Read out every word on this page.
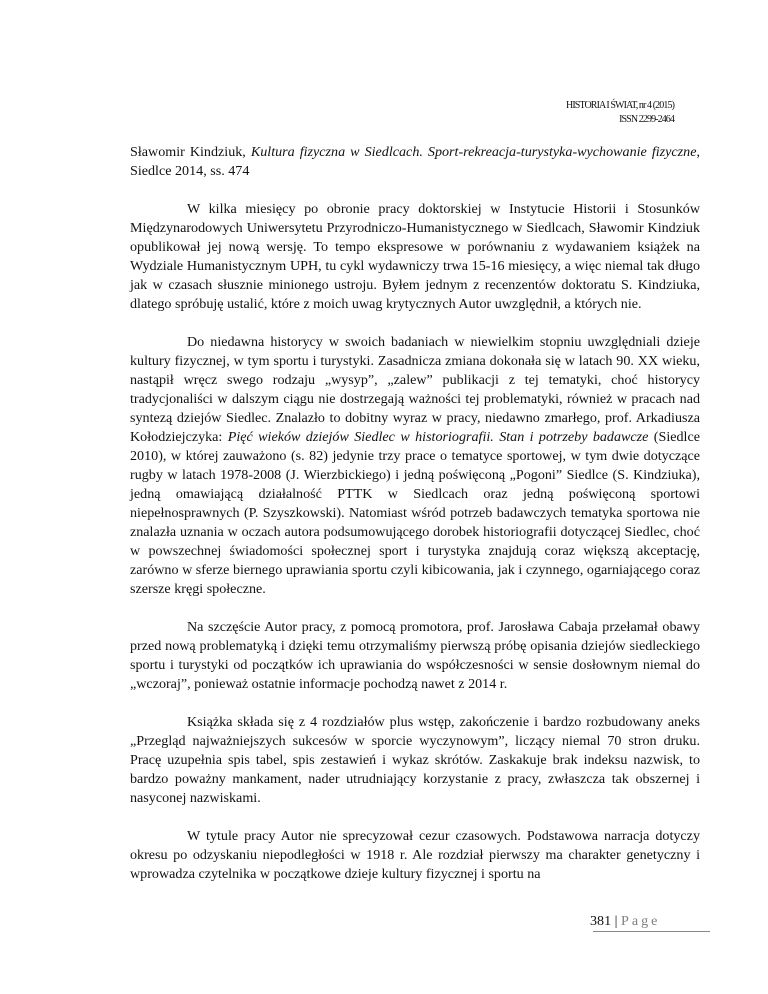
HISTORIA I ŚWIAT, nr 4 (2015)
ISSN 2299-2464

Sławomir Kindziuk, Kultura fizyczna w Siedlcach. Sport-rekreacja-turystyka-wychowanie fizyczne, Siedlce 2014, ss. 474

W kilka miesięcy po obronie pracy doktorskiej w Instytucie Historii i Stosunków Międzynarodowych Uniwersytetu Przyrodniczo-Humanistycznego w Siedlcach, Sławomir Kindziuk opublikował jej nową wersję. To tempo ekspresowe w porównaniu z wydawaniem książek na Wydziale Humanistycznym UPH, tu cykl wydawniczy trwa 15-16 miesięcy, a więc niemal tak długo jak w czasach słusznie minionego ustroju. Byłem jednym z recenzentów doktoratu S. Kindziuka, dlatego spróbuję ustalić, które z moich uwag krytycznych Autor uwzględnił, a których nie.

Do niedawna historycy w swoich badaniach w niewielkim stopniu uwzględniali dzieje kultury fizycznej, w tym sportu i turystyki. Zasadnicza zmiana dokonała się w latach 90. XX wieku, nastąpił wręcz swego rodzaju „wysyp”, „zalew” publikacji z tej tematyki, choć historycy tradycjonaliści w dalszym ciągu nie dostrzegają ważności tej problematyki, również w pracach nad syntezą dziejów Siedlec. Znalazło to dobitny wyraz w pracy, niedawno zmarłego, prof. Arkadiusza Kołodziejczyka: Pięć wieków dziejów Siedlec w historiografii. Stan i potrzeby badawcze (Siedlce 2010), w której zauważono (s. 82) jedynie trzy prace o tematyce sportowej, w tym dwie dotyczące rugby w latach 1978-2008 (J. Wierzbickiego) i jedną poświęconą „Pogoni” Siedlce (S. Kindziuka), jedną omawiającą działalność PTTK w Siedlcach oraz jedną poświęconą sportowi niepełnosprawnych (P. Szyszkowski). Natomiast wśród potrzeb badawczych tematyka sportowa nie znalazła uznania w oczach autora podsumowującego dorobek historiografii dotyczącej Siedlec, choć w powszechnej świadomości społecznej sport i turystyka znajdują coraz większą akceptację, zarówno w sferze biernego uprawiania sportu czyli kibicowania, jak i czynnego, ogarniającego coraz szersze kręgi społeczne.

Na szczęście Autor pracy, z pomocą promotora, prof. Jarosława Cabaja przełamał obawy przed nową problematyką i dzięki temu otrzymaliśmy pierwszą próbę opisania dziejów siedleckiego sportu i turystyki od początków ich uprawiania do współczesności w sensie dosłownym niemal do „wczoraj”, ponieważ ostatnie informacje pochodzą nawet z 2014 r.

Książka składa się z 4 rozdziałów plus wstęp, zakończenie i bardzo rozbudowany aneks „Przegląd najważniejszych sukcesów w sporcie wyczynowym”, liczący niemal 70 stron druku. Pracę uzupełnia spis tabel, spis zestawień i wykaz skrótów. Zaskakuje brak indeksu nazwisk, to bardzo poważny mankament, nader utrudniający korzystanie z pracy, zwłaszcza tak obszernej i nasyconej nazwiskami.

W tytule pracy Autor nie sprecyzował cezur czasowych. Podstawowa narracja dotyczy okresu po odzyskaniu niepodległości w 1918 r. Ale rozdział pierwszy ma charakter genetyczny i wprowadza czytelnika w początkowe dzieje kultury fizycznej i sportu na

381 | Page
